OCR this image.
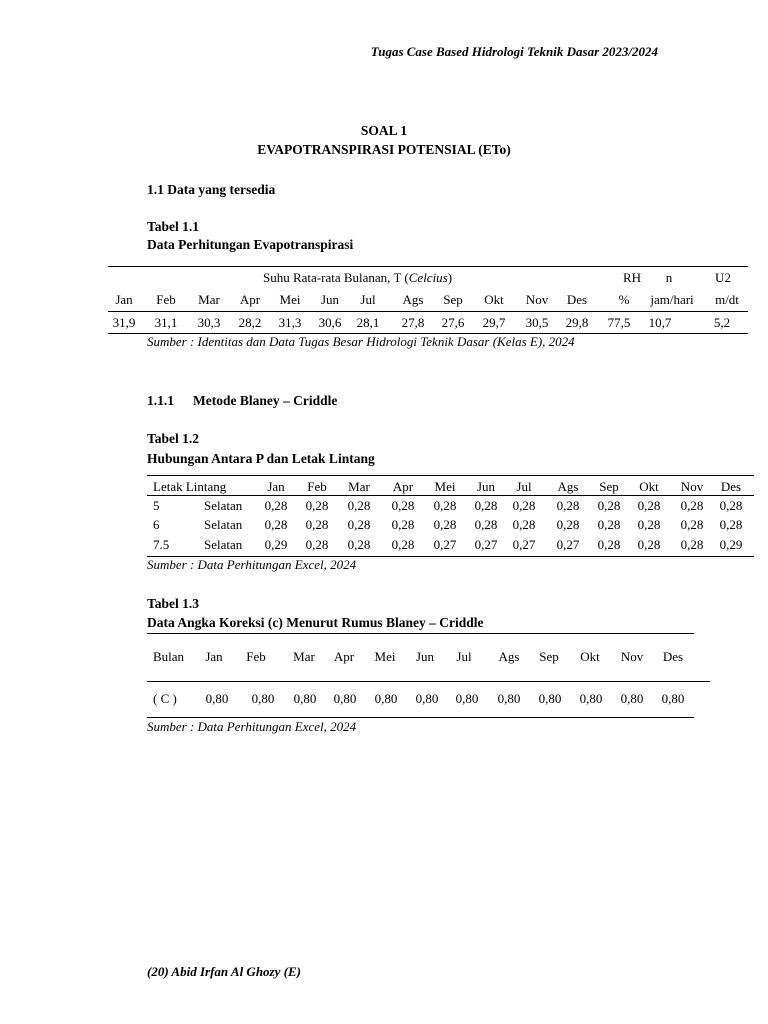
Tugas Case Based Hidrologi Teknik Dasar 2023/2024
SOAL 1
EVAPOTRANSPIRASI POTENSIAL (ETo)
1.1 Data yang tersedia
Tabel 1.1
Data Perhitungan Evapotranspirasi
Suhu Rata-rata Bulanan, T (Celcius)	RH n	U2
Jan Feb Mar Apr Mei Jun Jul Ags Sep Okt Nov Des % jam/hari m/dt
31,9 31,1 30,3 28,2 31,3 30,6 28,1 27,8 27,6 29,7 30,5 29,8 77,5 10,7	5,2
Sumber : Identitas dan Data Tugas Besar Hidrologi Teknik Dasar (Kelas E), 2024
1.1.1 Metode Blaney – Criddle
Tabel 1.2
Hubungan Antara P dan Letak Lintang
Letak Lintang	Jan Feb Mar Apr Mei Jun Jul Ags Sep Okt Nov Des
5	Selatan 0,28 0,28 0,28 0,28 0,28 0,28 0,28 0,28 0,28 0,28 0,28 0,28
6	Selatan 0,28 0,28 0,28 0,28 0,28 0,28 0,28 0,28 0,28 0,28 0,28 0,28
7.5	Selatan 0,29 0,28 0,28 0,28 0,27 0,27 0,27 0,27 0,28 0,28 0,28 0,29
Sumber : Data Perhitungan Excel, 2024
Tabel 1.3
Data Angka Koreksi (c) Menurut Rumus Blaney – Criddle
Bulan Jan Feb Mar Apr Mei Jun Jul Ags Sep Okt Nov Des
( C ) 0,80 0,80 0,80 0,80 0,80 0,80 0,80 0,80 0,80 0,80 0,80 0,80
Sumber : Data Perhitungan Excel, 2024
(20) Abid Irfan Al Ghozy (E)
